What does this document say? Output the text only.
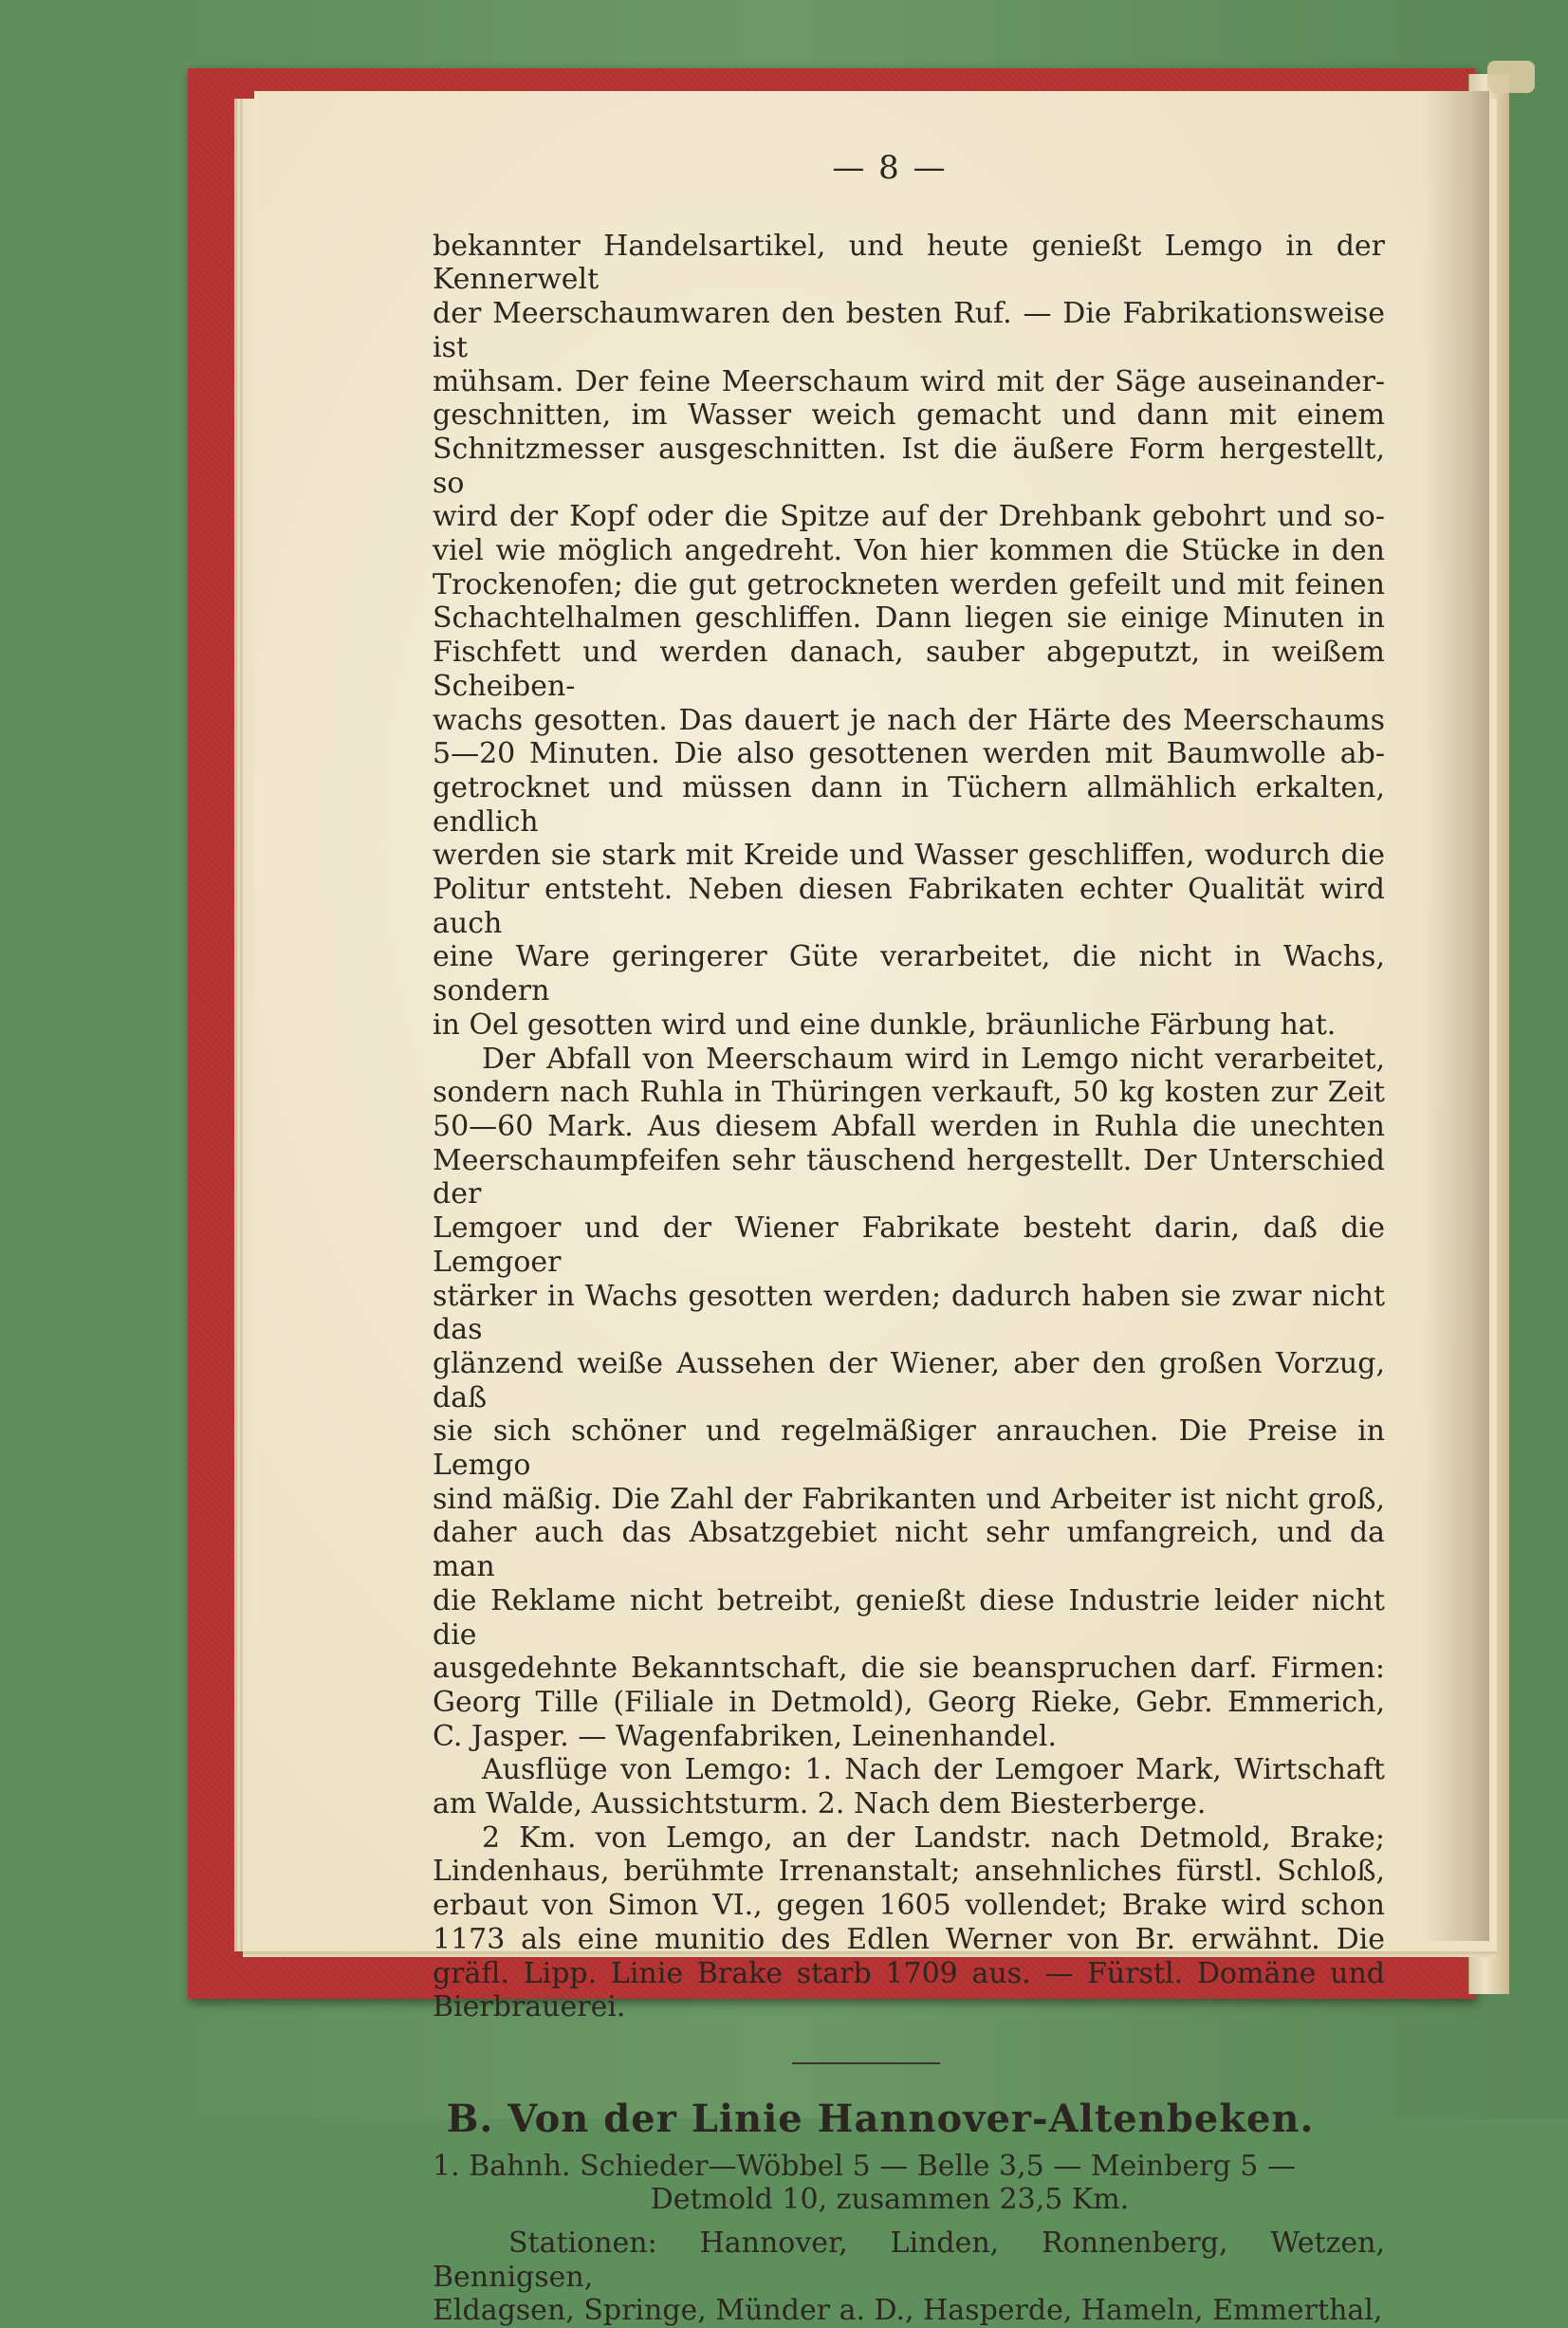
— 8 —
bekannter Handelsartikel, und heute genießt Lemgo in der Kennerwelt
der Meerschaumwaren den besten Ruf. — Die Fabrikationsweise ist
mühsam. Der feine Meerschaum wird mit der Säge auseinander-
geschnitten, im Wasser weich gemacht und dann mit einem
Schnitzmesser ausgeschnitten. Ist die äußere Form hergestellt, so
wird der Kopf oder die Spitze auf der Drehbank gebohrt und so-
viel wie möglich angedreht. Von hier kommen die Stücke in den
Trockenofen; die gut getrockneten werden gefeilt und mit feinen
Schachtelhalmen geschliffen. Dann liegen sie einige Minuten in
Fischfett und werden danach, sauber abgeputzt, in weißem Scheiben-
wachs gesotten. Das dauert je nach der Härte des Meerschaums
5—20 Minuten. Die also gesottenen werden mit Baumwolle ab-
getrocknet und müssen dann in Tüchern allmählich erkalten, endlich
werden sie stark mit Kreide und Wasser geschliffen, wodurch die
Politur entsteht. Neben diesen Fabrikaten echter Qualität wird auch
eine Ware geringerer Güte verarbeitet, die nicht in Wachs, sondern
in Oel gesotten wird und eine dunkle, bräunliche Färbung hat.
Der Abfall von Meerschaum wird in Lemgo nicht verarbeitet,
sondern nach Ruhla in Thüringen verkauft, 50 kg kosten zur Zeit
50—60 Mark. Aus diesem Abfall werden in Ruhla die unechten
Meerschaumpfeifen sehr täuschend hergestellt. Der Unterschied der
Lemgoer und der Wiener Fabrikate besteht darin, daß die Lemgoer
stärker in Wachs gesotten werden; dadurch haben sie zwar nicht das
glänzend weiße Aussehen der Wiener, aber den großen Vorzug, daß
sie sich schöner und regelmäßiger anrauchen. Die Preise in Lemgo
sind mäßig. Die Zahl der Fabrikanten und Arbeiter ist nicht groß,
daher auch das Absatzgebiet nicht sehr umfangreich, und da man
die Reklame nicht betreibt, genießt diese Industrie leider nicht die
ausgedehnte Bekanntschaft, die sie beanspruchen darf. Firmen:
Georg Tille (Filiale in Detmold), Georg Rieke, Gebr. Emmerich,
C. Jasper. — Wagenfabriken, Leinenhandel.
Ausflüge von Lemgo: 1. Nach der Lemgoer Mark, Wirtschaft
am Walde, Aussichtsturm. 2. Nach dem Biesterberge.
2 Km. von Lemgo, an der Landstr. nach Detmold, Brake;
Lindenhaus, berühmte Irrenanstalt; ansehnliches fürstl. Schloß,
erbaut von Simon VI., gegen 1605 vollendet; Brake wird schon
1173 als eine munitio des Edlen Werner von Br. erwähnt. Die
gräfl. Lipp. Linie Brake starb 1709 aus. — Fürstl. Domäne und
Bierbrauerei.
B. Von der Linie Hannover-Altenbeken.

1. Bahnh. Schieder—Wöbbel 5 — Belle 3,5 — Meinberg 5 —

Detmold 10, zusammen 23,5 Km.

Stationen: Hannover, Linden, Ronnenberg, Wetzen, Bennigsen,

Eldagsen, Springe, Münder a. D., Hasperde, Hameln, Emmerthal,
